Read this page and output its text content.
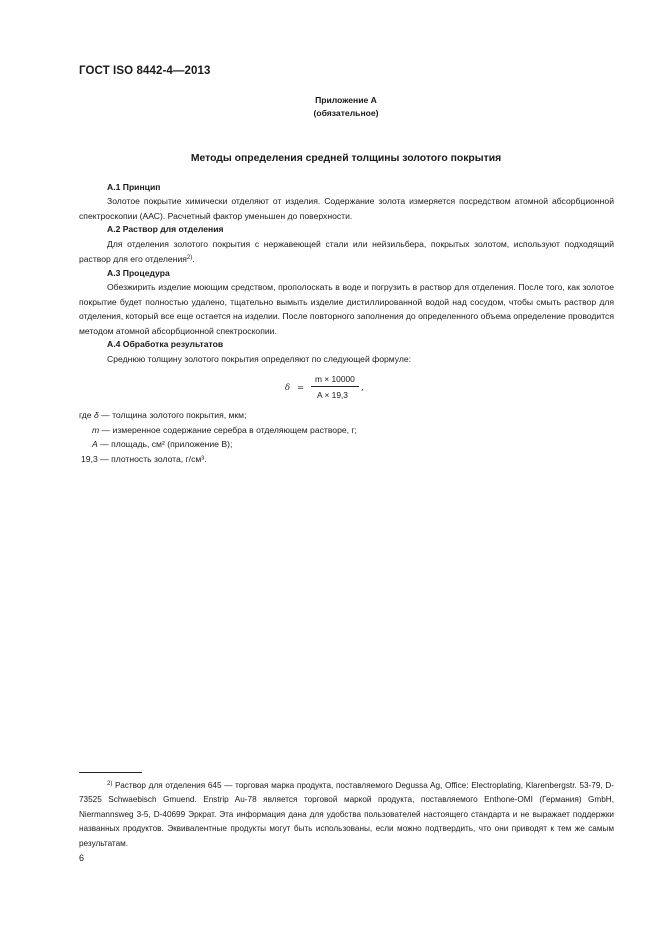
ГОСТ ISO 8442-4—2013
Приложение А
(обязательное)
Методы определения средней толщины золотого покрытия
А.1 Принцип
Золотое покрытие химически отделяют от изделия. Содержание золота измеряется посредством атомной абсорбционной спектроскопии (ААС). Расчетный фактор уменьшен до поверхности.
А.2 Раствор для отделения
Для отделения золотого покрытия с нержавеющей стали или нейзильбера, покрытых золотом, используют подходящий раствор для его отделения$^{2)}$.
А.3 Процедура
Обезжирить изделие моющим средством, прополоскать в воде и погрузить в раствор для отделения. После того, как золотое покрытие будет полностью удалено, тщательно вымыть изделие дистиллированной водой над сосудом, чтобы смыть раствор для отделения, который все еще остается на изделии. После повторного заполнения до определенного объема определение проводится методом атомной абсорбционной спектроскопии.
А.4 Обработка результатов
Среднюю толщину золотого покрытия определяют по следующей формуле:
δ =
m × 10000
A × 19,3
,
где δ — толщина золотого покрытия, мкм;
m — измеренное содержание серебра в отделяющем растворе, г;
A — площадь, см² (приложение В);
19,3 — плотность золота, г/см³.
$^{2)}$ Раствор для отделения 645 — торговая марка продукта, поставляемого Degussa Ag, Office: Electroplating, Klarenbergstr. 53-79, D-73525 Schwaebisch Gmuend. Enstrip Au-78 является торговой маркой продукта, поставляемого Enthone-OMI (Германия) GmbH, Niermannsweg 3-5, D-40699 Эркрат. Эта информация дана для удобства пользователей настоящего стандарта и не выражает поддержки названных продуктов. Эквивалентные продукты могут быть использованы, если можно подтвердить, что они приводят к тем же самым результатам.
6
